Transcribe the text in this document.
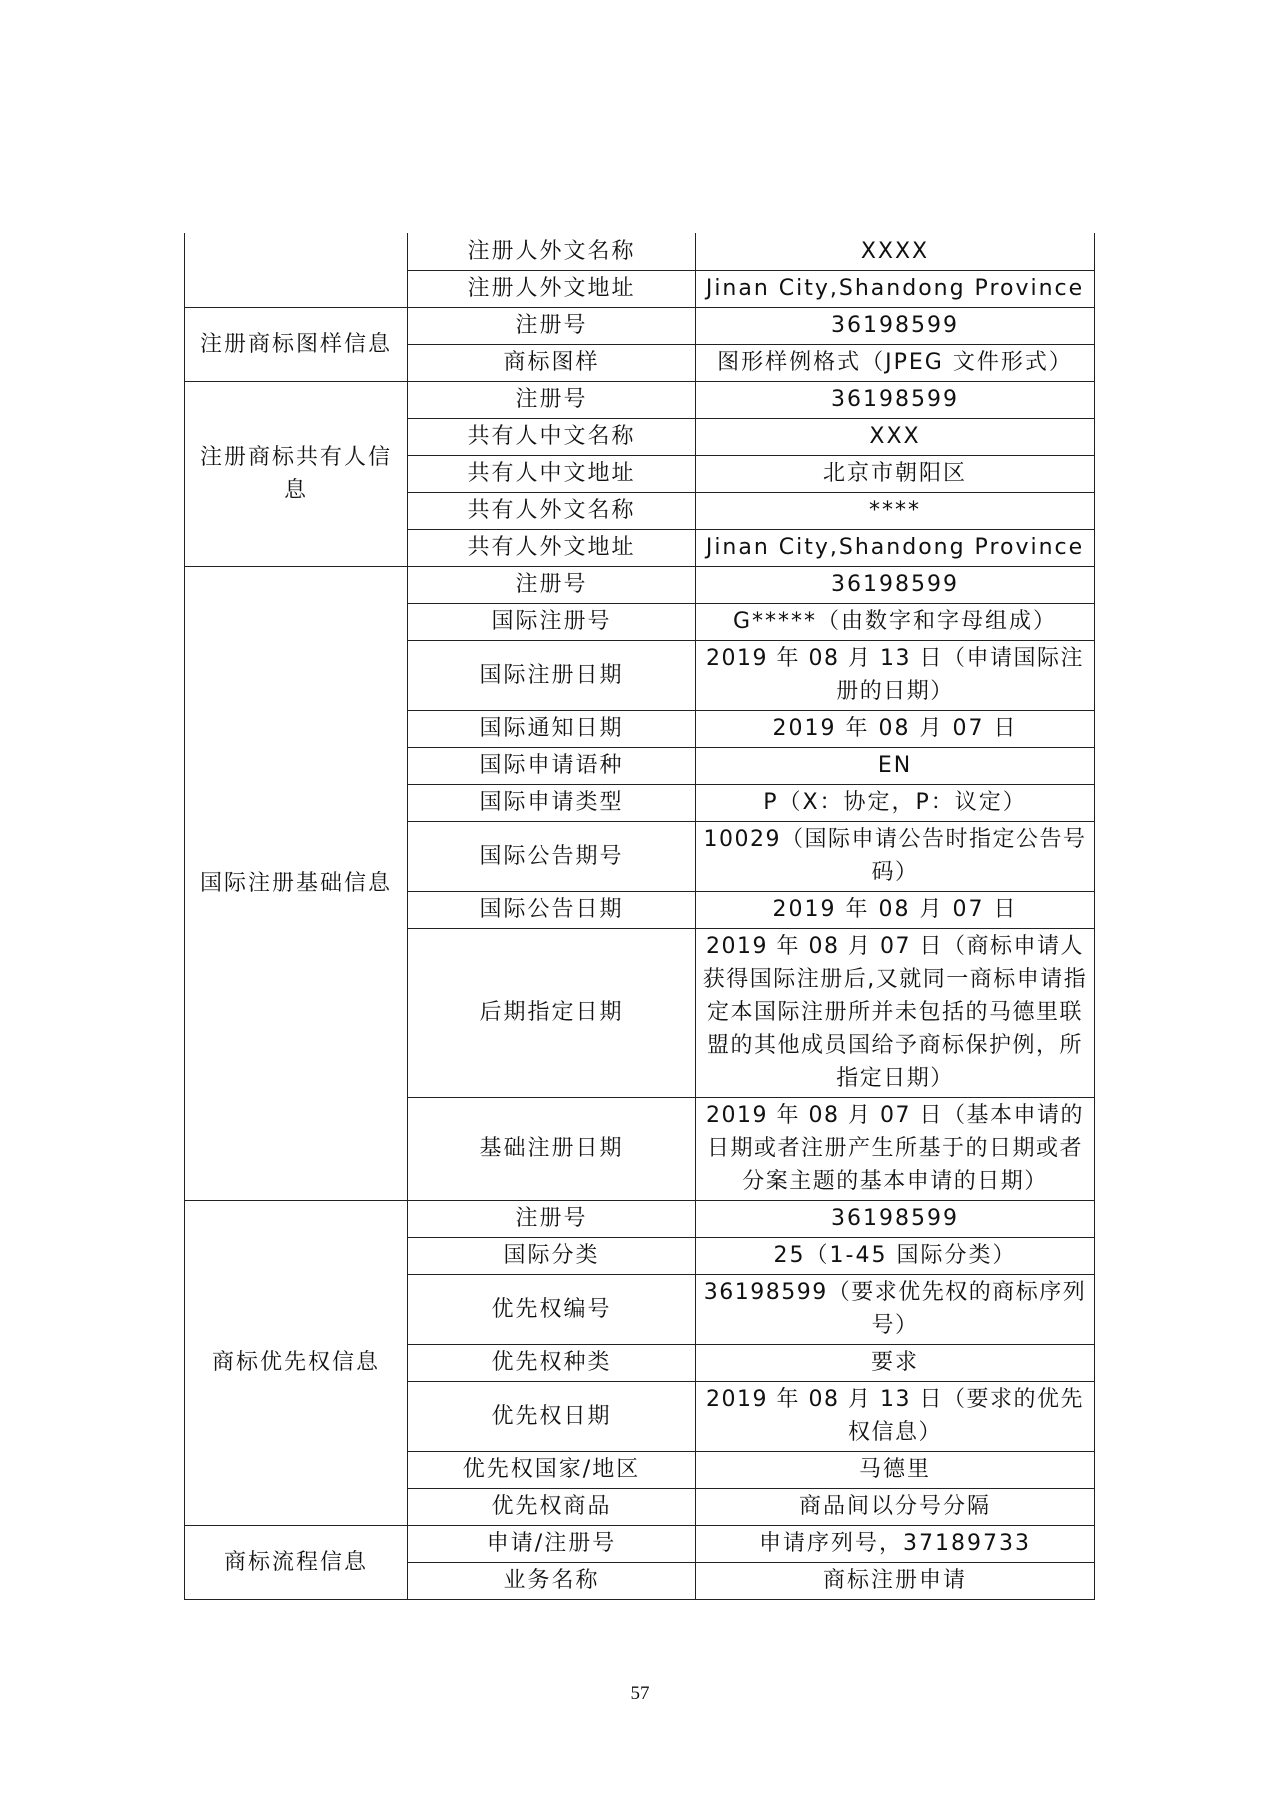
	注册人外文名称	XXXX
	注册人外文地址	Jinan City,Shandong Province
注册商标图样信息	注册号	36198599
	商标图样	图形样例格式（JPEG 文件形式）
注册商标共有人信息	注册号	36198599
	共有人中文名称	XXX
	共有人中文地址	北京市朝阳区
	共有人外文名称	****
	共有人外文地址	Jinan City,Shandong Province
国际注册基础信息	注册号	36198599
	国际注册号	G*****（由数字和字母组成）
	国际注册日期	2019 年 08 月 13 日（申请国际注册的日期）
	国际通知日期	2019 年 08 月 07 日
	国际申请语种	EN
	国际申请类型	P（X：协定，P：议定）
	国际公告期号	10029（国际申请公告时指定公告号码）
	国际公告日期	2019 年 08 月 07 日
	后期指定日期	2019 年 08 月 07 日（商标申请人获得国际注册后,又就同一商标申请指定本国际注册所并未包括的马德里联盟的其他成员国给予商标保护例，所指定日期）
	基础注册日期	2019 年 08 月 07 日（基本申请的日期或者注册产生所基于的日期或者分案主题的基本申请的日期）
商标优先权信息	注册号	36198599
	国际分类	25（1-45 国际分类）
	优先权编号	36198599（要求优先权的商标序列号）
	优先权种类	要求
	优先权日期	2019 年 08 月 13 日（要求的优先权信息）
	优先权国家/地区	马德里
	优先权商品	商品间以分号分隔
商标流程信息	申请/注册号	申请序列号，37189733
	业务名称	商标注册申请
57
